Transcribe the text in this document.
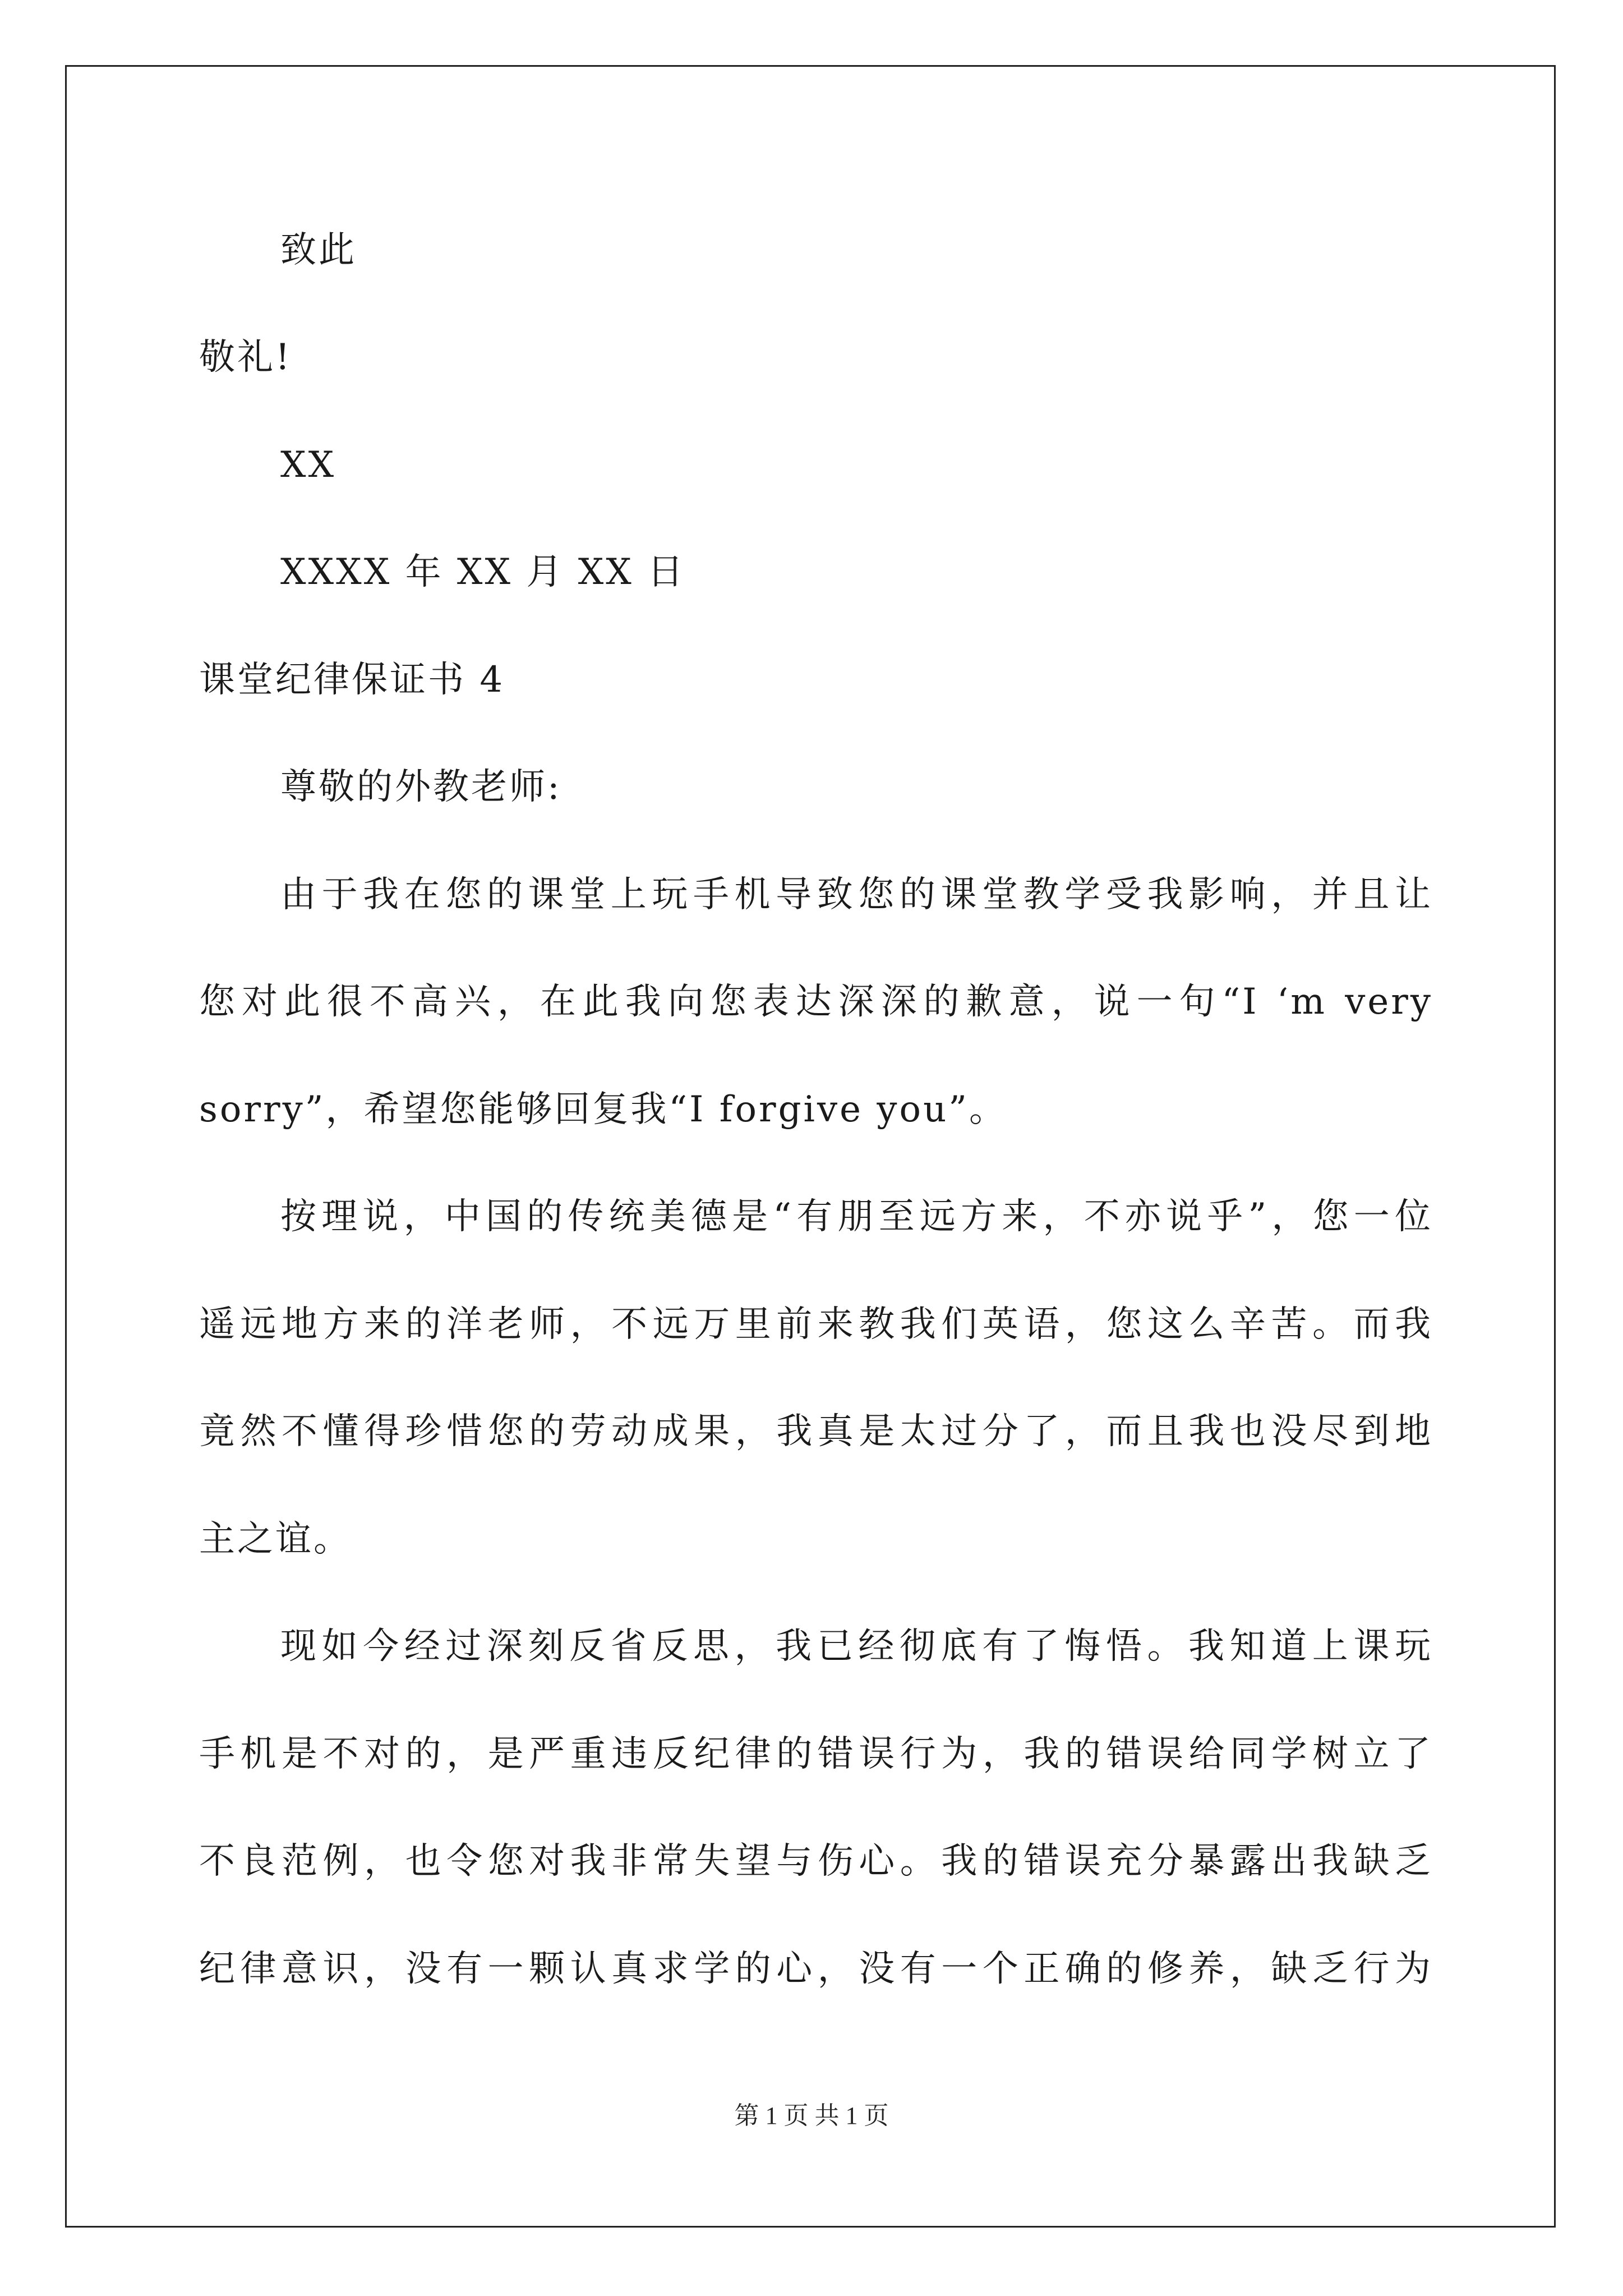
致此
敬礼!
XX
XXXX 年 XX 月 XX 日
课堂纪律保证书 4
尊敬的外教老师:
由于我在您的课堂上玩手机导致您的课堂教学受我影响，并且让
您对此很不高兴，在此我向您表达深深的歉意，说一句“I ‘m very
sorry”，希望您能够回复我“I forgive you”。
按理说，中国的传统美德是“有朋至远方来，不亦说乎”，您一位
遥远地方来的洋老师，不远万里前来教我们英语，您这么辛苦。而我
竟然不懂得珍惜您的劳动成果，我真是太过分了，而且我也没尽到地
主之谊。
现如今经过深刻反省反思，我已经彻底有了悔悟。我知道上课玩
手机是不对的，是严重违反纪律的错误行为，我的错误给同学树立了
不良范例，也令您对我非常失望与伤心。我的错误充分暴露出我缺乏
纪律意识，没有一颗认真求学的心，没有一个正确的修养，缺乏行为
第 1 页 共 1 页
